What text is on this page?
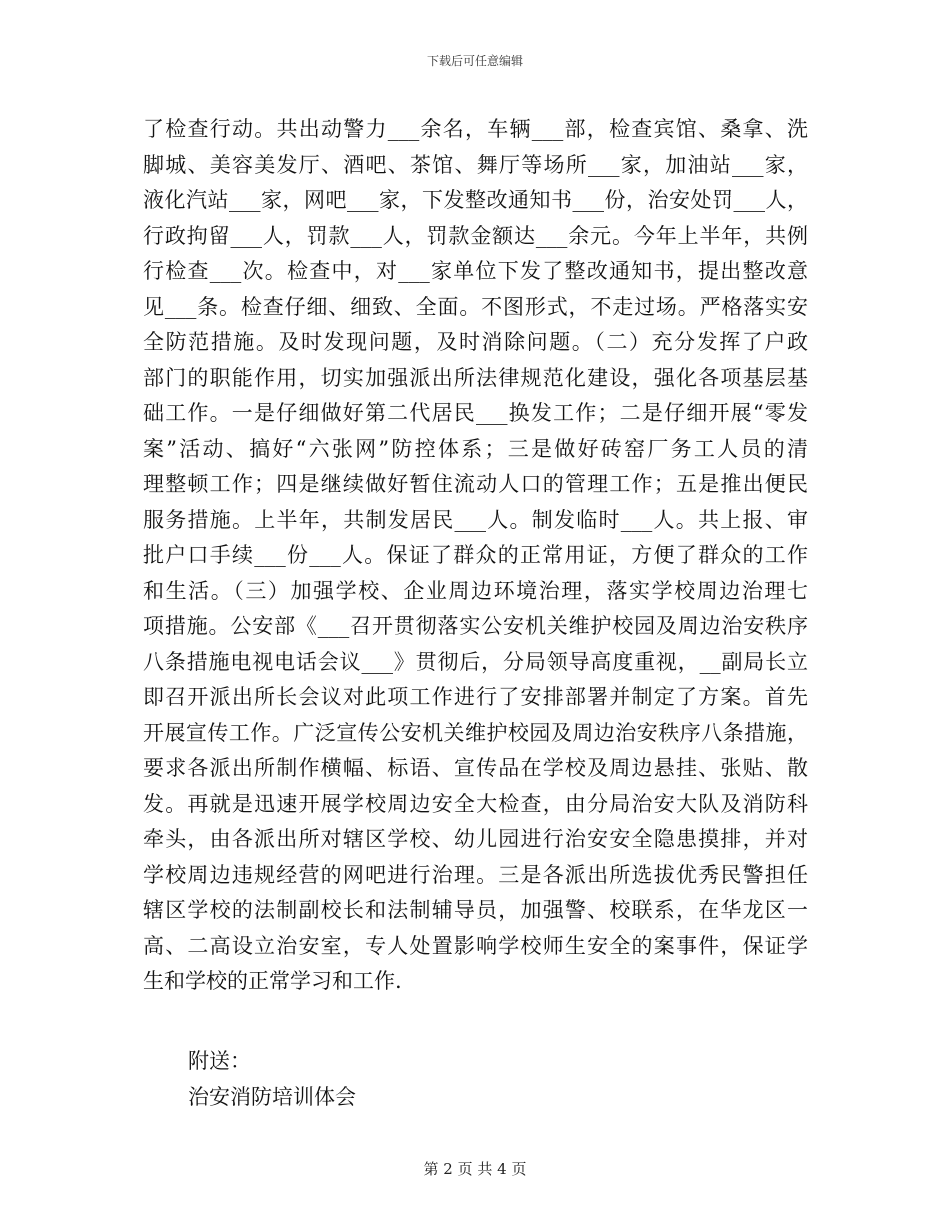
下载后可任意编辑
了检查行动。共出动警力___余名，车辆___部，检查宾馆、桑拿、洗
脚城、美容美发厅、酒吧、茶馆、舞厅等场所___家，加油站___家，
液化汽站___家，网吧___家，下发整改通知书___份，治安处罚___人，
行政拘留___人，罚款___人，罚款金额达___余元。今年上半年，共例
行检查___次。检查中，对___家单位下发了整改通知书，提出整改意
见___条。检查仔细、细致、全面。不图形式，不走过场。严格落实安
全防范措施。及时发现问题，及时消除问题。（二）充分发挥了户政
部门的职能作用，切实加强派出所法律规范化建设，强化各项基层基
础工作。一是仔细做好第二代居民___换发工作；二是仔细开展“零发
案”活动、搞好“六张网”防控体系；三是做好砖窑厂务工人员的清
理整顿工作；四是继续做好暂住流动人口的管理工作；五是推出便民
服务措施。上半年，共制发居民___人。制发临时___人。共上报、审
批户口手续___份___人。保证了群众的正常用证，方便了群众的工作
和生活。（三）加强学校、企业周边环境治理，落实学校周边治理七
项措施。公安部《___召开贯彻落实公安机关维护校园及周边治安秩序
八条措施电视电话会议___》贯彻后，分局领导高度重视，__副局长立
即召开派出所长会议对此项工作进行了安排部署并制定了方案。首先
开展宣传工作。广泛宣传公安机关维护校园及周边治安秩序八条措施，
要求各派出所制作横幅、标语、宣传品在学校及周边悬挂、张贴、散
发。再就是迅速开展学校周边安全大检查，由分局治安大队及消防科
牵头，由各派出所对辖区学校、幼儿园进行治安安全隐患摸排，并对
学校周边违规经营的网吧进行治理。三是各派出所选拔优秀民警担任
辖区学校的法制副校长和法制辅导员，加强警、校联系，在华龙区一
高、二高设立治安室，专人处置影响学校师生安全的案事件，保证学
生和学校的正常学习和工作.
附送：
治安消防培训体会
第 2 页 共 4 页
